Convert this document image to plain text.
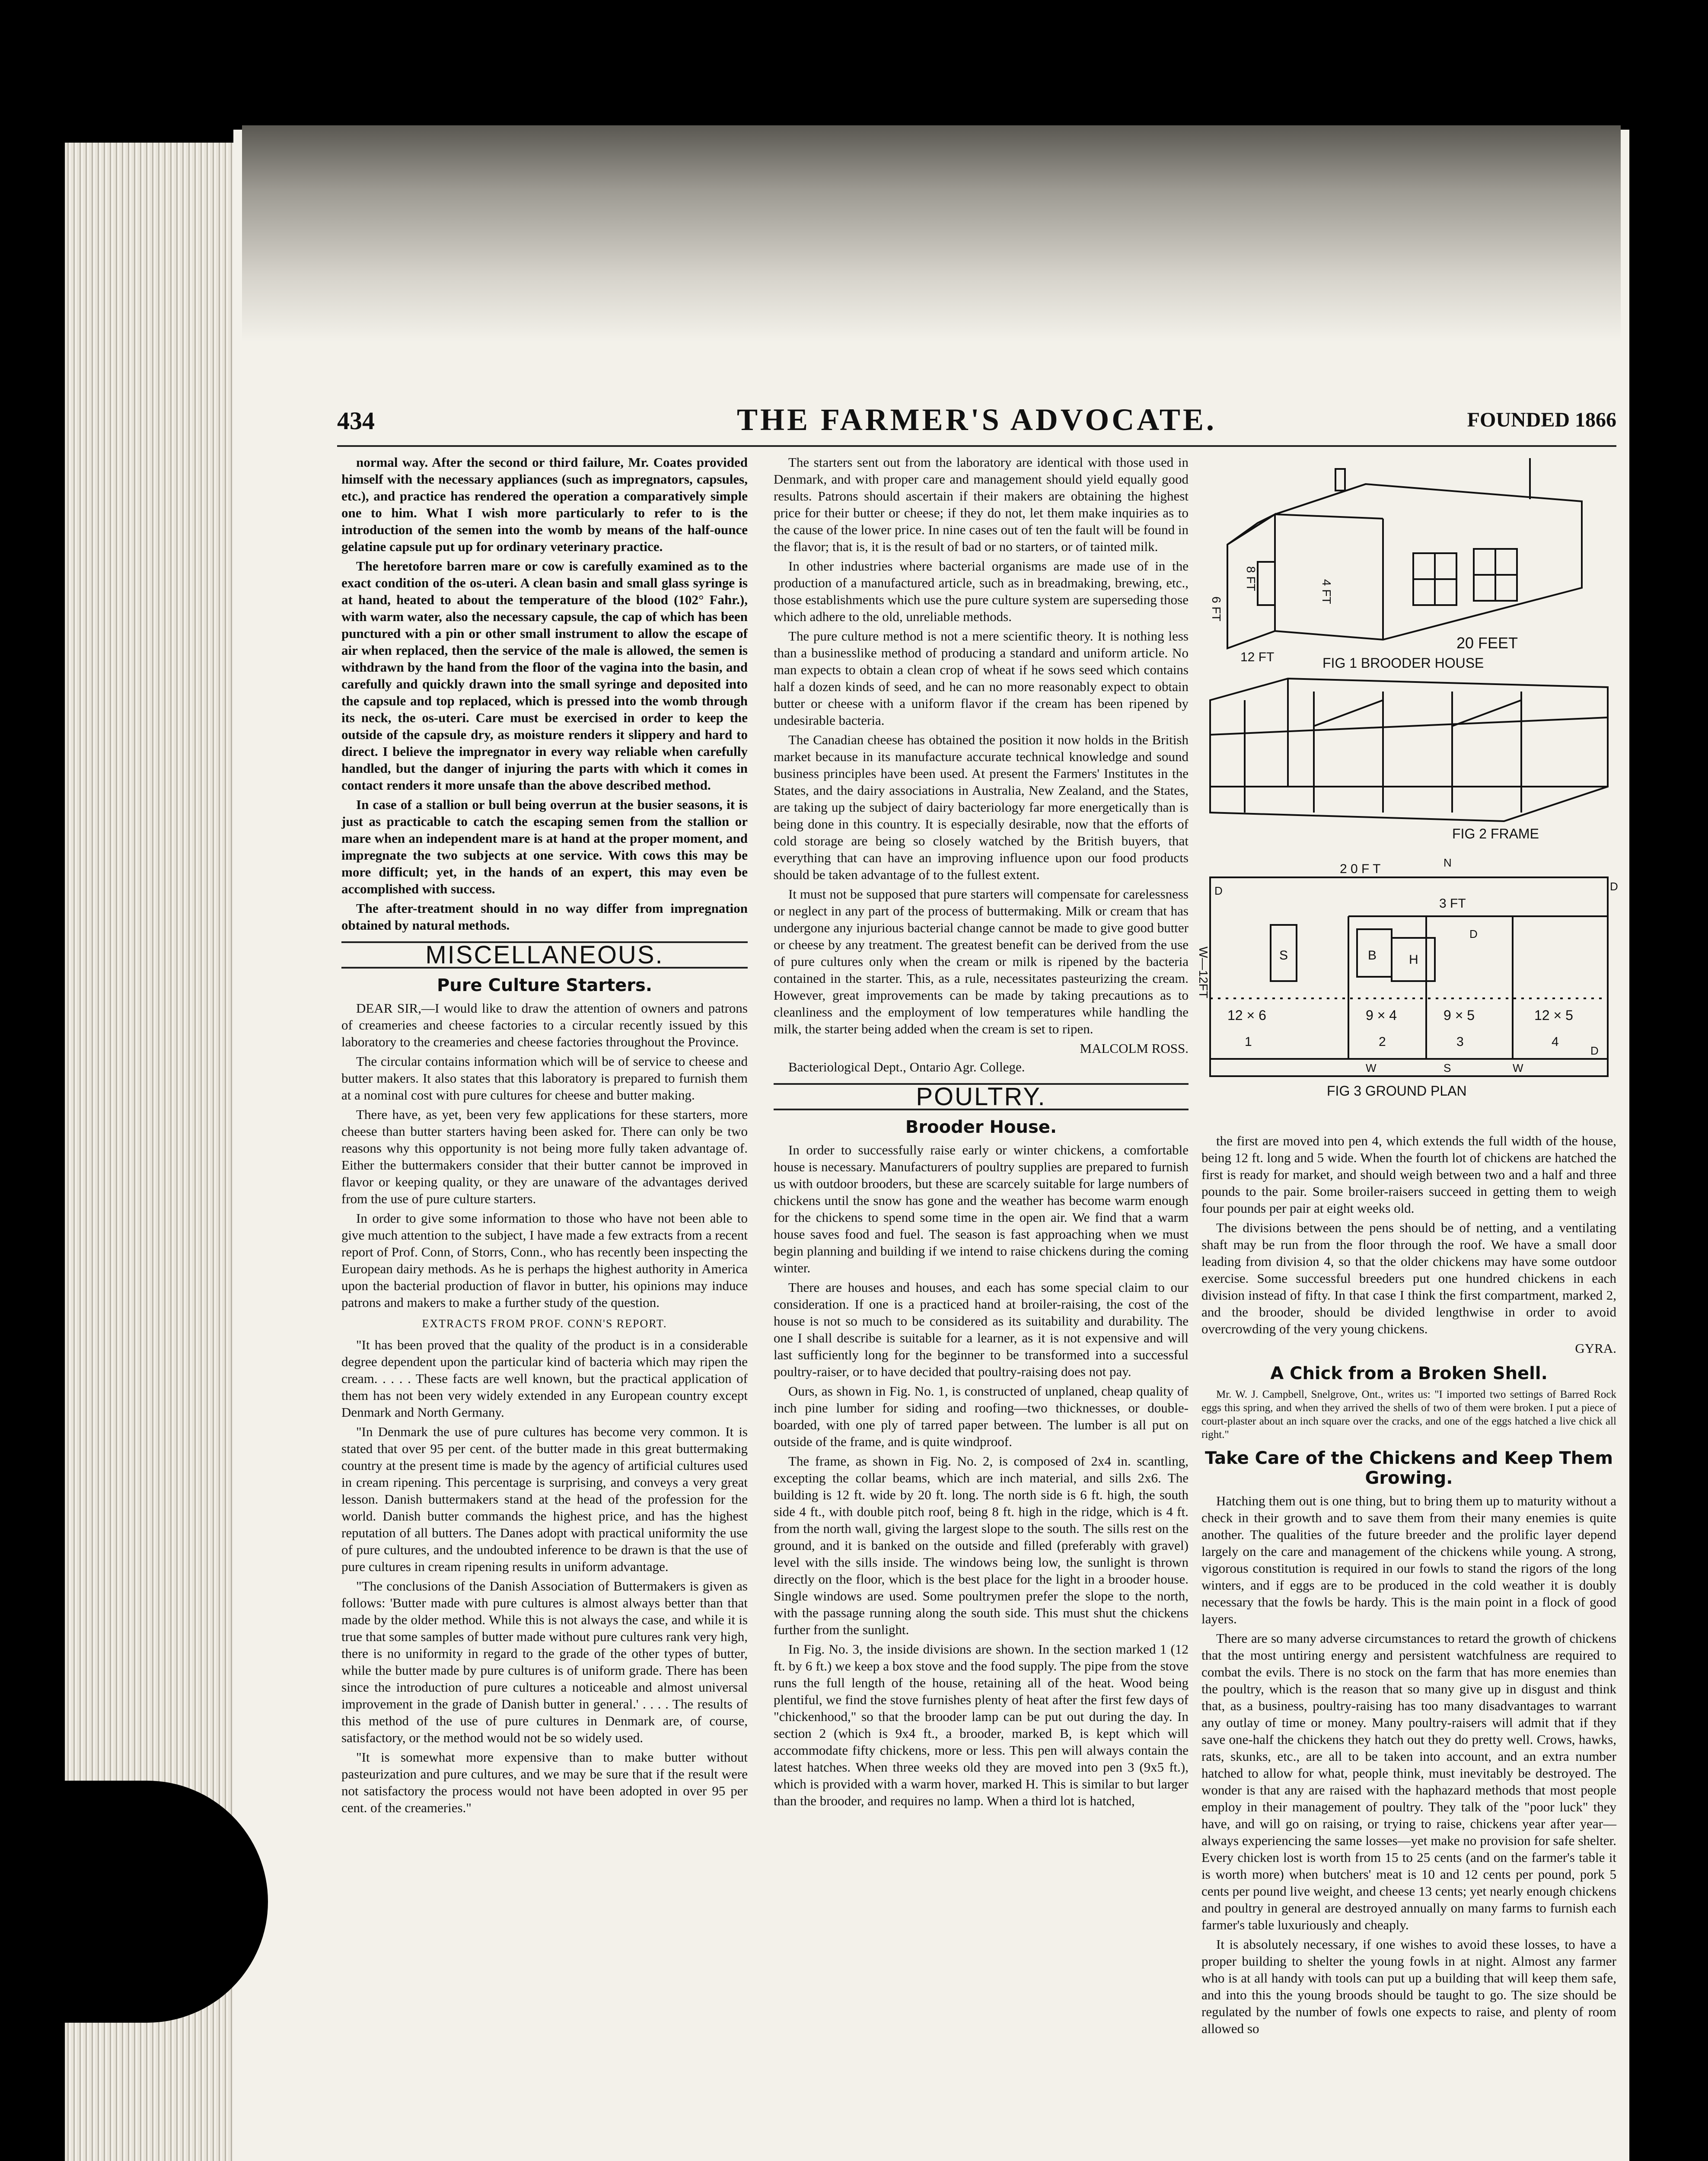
434	THE FARMER'S ADVOCATE.	FOUNDED 1866

normal way. After the second or third failure, Mr. Coates provided himself with the necessary appliances (such as impregnators, capsules, etc.), and practice has rendered the operation a comparatively simple one to him. What I wish more particularly to refer to is the introduction of the semen into the womb by means of the half-ounce gelatine capsule put up for ordinary veterinary practice.

The heretofore barren mare or cow is carefully examined as to the exact condition of the os-uteri. A clean basin and small glass syringe is at hand, heated to about the temperature of the blood (102° Fahr.), with warm water, also the necessary capsule, the cap of which has been punctured with a pin or other small instrument to allow the escape of air when replaced, then the service of the male is allowed, the semen is withdrawn by the hand from the floor of the vagina into the basin, and carefully and quickly drawn into the small syringe and deposited into the capsule and top replaced, which is pressed into the womb through its neck, the os-uteri. Care must be exercised in order to keep the outside of the capsule dry, as moisture renders it slippery and hard to direct. I believe the impregnator in every way reliable when carefully handled, but the danger of injuring the parts with which it comes in contact renders it more unsafe than the above described method.

In case of a stallion or bull being overrun at the busier seasons, it is just as practicable to catch the escaping semen from the stallion or mare when an independent mare is at hand at the proper moment, and impregnate the two subjects at one service. With cows this may be more difficult; yet, in the hands of an expert, this may even be accomplished with success.

The after-treatment should in no way differ from impregnation obtained by natural methods.

MISCELLANEOUS.
Pure Culture Starters.

DEAR SIR,—I would like to draw the attention of owners and patrons of creameries and cheese factories to a circular recently issued by this laboratory to the creameries and cheese factories throughout the Province.

The circular contains information which will be of service to cheese and butter makers. It also states that this laboratory is prepared to furnish them at a nominal cost with pure cultures for cheese and butter making.

There have, as yet, been very few applications for these starters, more cheese than butter starters having been asked for. There can only be two reasons why this opportunity is not being more fully taken advantage of. Either the buttermakers consider that their butter cannot be improved in flavor or keeping quality, or they are unaware of the advantages derived from the use of pure culture starters.

In order to give some information to those who have not been able to give much attention to the subject, I have made a few extracts from a recent report of Prof. Conn, of Storrs, Conn., who has recently been inspecting the European dairy methods. As he is perhaps the highest authority in America upon the bacterial production of flavor in butter, his opinions may induce patrons and makers to make a further study of the question.

EXTRACTS FROM PROF. CONN'S REPORT.

"It has been proved that the quality of the product is in a considerable degree dependent upon the particular kind of bacteria which may ripen the cream. . . . . These facts are well known, but the practical application of them has not been very widely extended in any European country except Denmark and North Germany.

"In Denmark the use of pure cultures has become very common. It is stated that over 95 per cent. of the butter made in this great buttermaking country at the present time is made by the agency of artificial cultures used in cream ripening. This percentage is surprising, and conveys a very great lesson. Danish buttermakers stand at the head of the profession for the world. Danish butter commands the highest price, and has the highest reputation of all butters. The Danes adopt with practical uniformity the use of pure cultures, and the undoubted inference to be drawn is that the use of pure cultures in cream ripening results in uniform advantage.

"The conclusions of the Danish Association of Buttermakers is given as follows: 'Butter made with pure cultures is almost always better than that made by the older method. While this is not always the case, and while it is true that some samples of butter made without pure cultures rank very high, there is no uniformity in regard to the grade of the other types of butter, while the butter made by pure cultures is of uniform grade. There has been since the introduction of pure cultures a noticeable and almost universal improvement in the grade of Danish butter in general.' . . . . The results of this method of the use of pure cultures in Denmark are, of course, satisfactory, or the method would not be so widely used.

"It is somewhat more expensive than to make butter without pasteurization and pure cultures, and we may be sure that if the result were not satisfactory the process would not have been adopted in over 95 per cent. of the creameries."

The starters sent out from the laboratory are identical with those used in Denmark, and with proper care and management should yield equally good results. Patrons should ascertain if their makers are obtaining the highest price for their butter or cheese; if they do not, let them make inquiries as to the cause of the lower price. In nine cases out of ten the fault will be found in the flavor; that is, it is the result of bad or no starters, or of tainted milk.

In other industries where bacterial organisms are made use of in the production of a manufactured article, such as in breadmaking, brewing, etc., those establishments which use the pure culture system are superseding those which adhere to the old, unreliable methods.

The pure culture method is not a mere scientific theory. It is nothing less than a businesslike method of producing a standard and uniform article. No man expects to obtain a clean crop of wheat if he sows seed which contains half a dozen kinds of seed, and he can no more reasonably expect to obtain butter or cheese with a uniform flavor if the cream has been ripened by undesirable bacteria.

The Canadian cheese has obtained the position it now holds in the British market because in its manufacture accurate technical knowledge and sound business principles have been used. At present the Farmers' Institutes in the States, and the dairy associations in Australia, New Zealand, and the States, are taking up the subject of dairy bacteriology far more energetically than is being done in this country. It is especially desirable, now that the efforts of cold storage are being so closely watched by the British buyers, that everything that can have an improving influence upon our food products should be taken advantage of to the fullest extent.

It must not be supposed that pure starters will compensate for carelessness or neglect in any part of the process of buttermaking. Milk or cream that has undergone any injurious bacterial change cannot be made to give good butter or cheese by any treatment. The greatest benefit can be derived from the use of pure cultures only when the cream or milk is ripened by the bacteria contained in the starter. This, as a rule, necessitates pasteurizing the cream. However, great improvements can be made by taking precautions as to cleanliness and the employment of low temperatures while handling the milk, the starter being added when the cream is set to ripen.

MALCOLM ROSS.
Bacteriological Dept., Ontario Agr. College.
POULTRY.
Brooder House.

In order to successfully raise early or winter chickens, a comfortable house is necessary. Manufacturers of poultry supplies are prepared to furnish us with outdoor brooders, but these are scarcely suitable for large numbers of chickens until the snow has gone and the weather has become warm enough for the chickens to spend some time in the open air. We find that a warm house saves food and fuel. The season is fast approaching when we must begin planning and building if we intend to raise chickens during the coming winter.

There are houses and houses, and each has some special claim to our consideration. If one is a practiced hand at broiler-raising, the cost of the house is not so much to be considered as its suitability and durability. The one I shall describe is suitable for a learner, as it is not expensive and will last sufficiently long for the beginner to be transformed into a successful poultry-raiser, or to have decided that poultry-raising does not pay.

Ours, as shown in Fig. No. 1, is constructed of unplaned, cheap quality of inch pine lumber for siding and roofing—two thicknesses, or double-boarded, with one ply of tarred paper between. The lumber is all put on outside of the frame, and is quite windproof.

The frame, as shown in Fig. No. 2, is composed of 2x4 in. scantling, excepting the collar beams, which are inch material, and sills 2x6. The building is 12 ft. wide by 20 ft. long. The north side is 6 ft. high, the south side 4 ft., with double pitch roof, being 8 ft. high in the ridge, which is 4 ft. from the north wall, giving the largest slope to the south. The sills rest on the ground, and it is banked on the outside and filled (preferably with gravel) level with the sills inside. The windows being low, the sunlight is thrown directly on the floor, which is the best place for the light in a brooder house. Single windows are used. Some poultrymen prefer the slope to the north, with the passage running along the south side. This must shut the chickens further from the sunlight.

In Fig. No. 3, the inside divisions are shown. In the section marked 1 (12 ft. by 6 ft.) we keep a box stove and the food supply. The pipe from the stove runs the full length of the house, retaining all of the heat. Wood being plentiful, we find the stove furnishes plenty of heat after the first few days of "chickenhood," so that the brooder lamp can be put out during the day. In section 2 (which is 9x4 ft., a brooder, marked B, is kept which will accommodate fifty chickens, more or less. This pen will always contain the latest hatches. When three weeks old they are moved into pen 3 (9x5 ft.), which is provided with a warm hover, marked H. This is similar to but larger than the brooder, and requires no lamp. When a third lot is hatched,

6 FT
8 FT
4 FT
12 FT
20 FEET
FIG 1 BROODER HOUSE
FIG 2 FRAME
2 0 F T	N
3 FT
W—12FT	S	B H
12 × 6	9 × 4	9 × 5	12 × 5
1	2	3	4
D
D
D
D
W	S	W
FIG 3 GROUND PLAN

the first are moved into pen 4, which extends the full width of the house, being 12 ft. long and 5 wide. When the fourth lot of chickens are hatched the first is ready for market, and should weigh between two and a half and three pounds to the pair. Some broiler-raisers succeed in getting them to weigh four pounds per pair at eight weeks old.

The divisions between the pens should be of netting, and a ventilating shaft may be run from the floor through the roof. We have a small door leading from division 4, so that the older chickens may have some outdoor exercise. Some successful breeders put one hundred chickens in each division instead of fifty. In that case I think the first compartment, marked 2, and the brooder, should be divided lengthwise in order to avoid overcrowding of the very young chickens.

GYRA.
A Chick from a Broken Shell.

Mr. W. J. Campbell, Snelgrove, Ont., writes us: "I imported two settings of Barred Rock eggs this spring, and when they arrived the shells of two of them were broken. I put a piece of court-plaster about an inch square over the cracks, and one of the eggs hatched a live chick all right."

Take Care of the Chickens and Keep Them Growing.

Hatching them out is one thing, but to bring them up to maturity without a check in their growth and to save them from their many enemies is quite another. The qualities of the future breeder and the prolific layer depend largely on the care and management of the chickens while young. A strong, vigorous constitution is required in our fowls to stand the rigors of the long winters, and if eggs are to be produced in the cold weather it is doubly necessary that the fowls be hardy. This is the main point in a flock of good layers.

There are so many adverse circumstances to retard the growth of chickens that the most untiring energy and persistent watchfulness are required to combat the evils. There is no stock on the farm that has more enemies than the poultry, which is the reason that so many give up in disgust and think that, as a business, poultry-raising has too many disadvantages to warrant any outlay of time or money. Many poultry-raisers will admit that if they save one-half the chickens they hatch out they do pretty well. Crows, hawks, rats, skunks, etc., are all to be taken into account, and an extra number hatched to allow for what, people think, must inevitably be destroyed. The wonder is that any are raised with the haphazard methods that most people employ in their management of poultry. They talk of the "poor luck" they have, and will go on raising, or trying to raise, chickens year after year—always experiencing the same losses—yet make no provision for safe shelter. Every chicken lost is worth from 15 to 25 cents (and on the farmer's table it is worth more) when butchers' meat is 10 and 12 cents per pound, pork 5 cents per pound live weight, and cheese 13 cents; yet nearly enough chickens and poultry in general are destroyed annually on many farms to furnish each farmer's table luxuriously and cheaply.

It is absolutely necessary, if one wishes to avoid these losses, to have a proper building to shelter the young fowls in at night. Almost any farmer who is at all handy with tools can put up a building that will keep them safe, and into this the young broods should be taught to go. The size should be regulated by the number of fowls one expects to raise, and plenty of room allowed so
